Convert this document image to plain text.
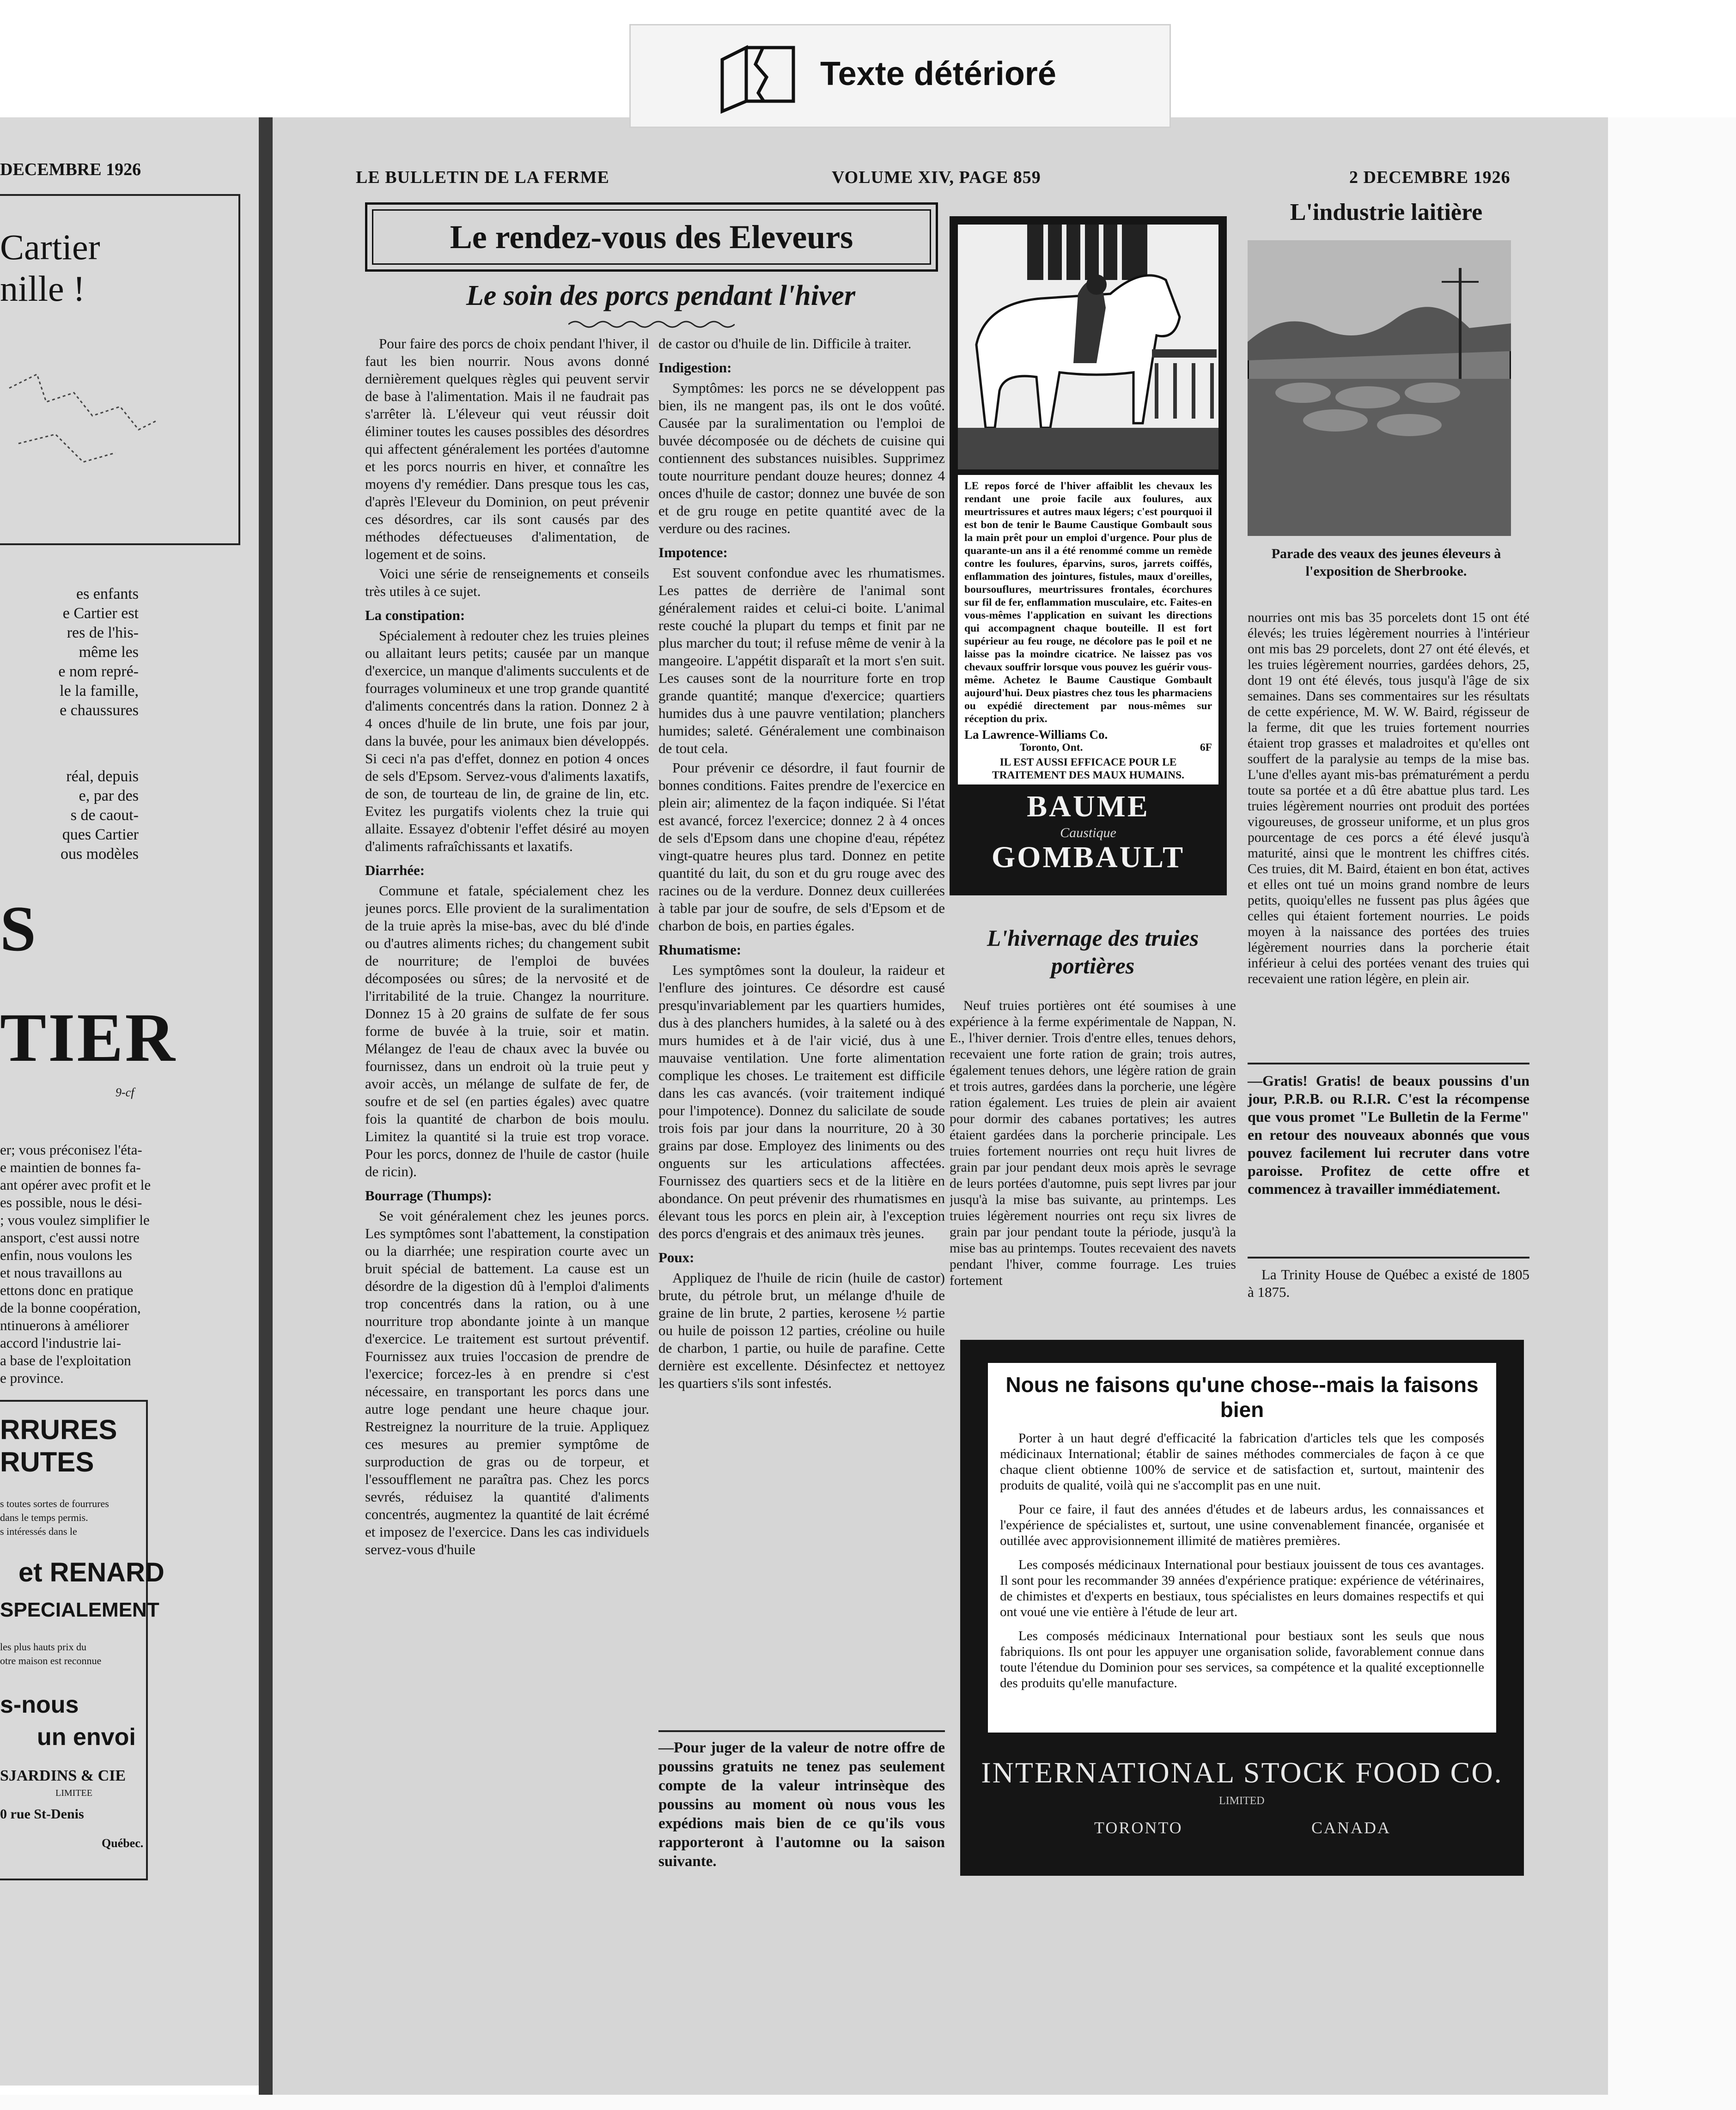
Texte détérioré
DECEMBRE 1926
Cartier
nille !
es enfants
e Cartier est
res de l'his-
même les
e nom repré-
le la famille,
e chaussures
réal, depuis
e, par des
s de caout-
ques Cartier
ous modèles
S
TIER
9-cf
er; vous préconisez l'éta-
e maintien de bonnes fa-
ant opérer avec profit et le
es possible, nous le dési-
; vous voulez simplifier le
ansport, c'est aussi notre
enfin, nous voulons les
et nous travaillons au
ettons donc en pratique
de la bonne coopération,
ntinuerons à améliorer
accord l'industrie lai-
a base de l'exploitation
e province.
RRURES
RUTES
s toutes sortes de fourrures
dans le temps permis.
s intéressés dans le
et RENARD
SPECIALEMENT
les plus hauts prix du
otre maison est reconnue
s-nous
un envoi
SJARDINS & CIE
LIMITEE
0 rue St-Denis
Québec.
LE BULLETIN DE LA FERME	VOLUME XIV, PAGE 859	2 DECEMBRE 1926
Le rendez-vous des Eleveurs
Le soin des porcs pendant l'hiver

Pour faire des porcs de choix pendant l'hiver, il faut les bien nourrir. Nous avons donné dernièrement quelques règles qui peuvent servir de base à l'alimentation. Mais il ne faudrait pas s'arrêter là. L'éleveur qui veut réussir doit éliminer toutes les causes possibles des désordres qui affectent généralement les portées d'automne et les porcs nourris en hiver, et connaître les moyens d'y remédier. Dans presque tous les cas, d'après l'Eleveur du Dominion, on peut prévenir ces désordres, car ils sont causés par des méthodes défectueuses d'alimentation, de logement et de soins.

Voici une série de renseignements et conseils très utiles à ce sujet.

La constipation:

Spécialement à redouter chez les truies pleines ou allaitant leurs petits; causée par un manque d'exercice, un manque d'aliments succulents et de fourrages volumineux et une trop grande quantité d'aliments concentrés dans la ration. Donnez 2 à 4 onces d'huile de lin brute, une fois par jour, dans la buvée, pour les animaux bien développés. Si ceci n'a pas d'effet, donnez en potion 4 onces de sels d'Epsom. Servez-vous d'aliments laxatifs, de son, de tourteau de lin, de graine de lin, etc. Evitez les purgatifs violents chez la truie qui allaite. Essayez d'obtenir l'effet désiré au moyen d'aliments rafraîchissants et laxatifs.

Diarrhée:

Commune et fatale, spécialement chez les jeunes porcs. Elle provient de la suralimentation de la truie après la mise-bas, avec du blé d'inde ou d'autres aliments riches; du changement subit de nourriture; de l'emploi de buvées décomposées ou sûres; de la nervosité et de l'irritabilité de la truie. Changez la nourriture. Donnez 15 à 20 grains de sulfate de fer sous forme de buvée à la truie, soir et matin. Mélangez de l'eau de chaux avec la buvée ou fournissez, dans un endroit où la truie peut y avoir accès, un mélange de sulfate de fer, de soufre et de sel (en parties égales) avec quatre fois la quantité de charbon de bois moulu. Limitez la quantité si la truie est trop vorace. Pour les porcs, donnez de l'huile de castor (huile de ricin).

Bourrage (Thumps):

Se voit généralement chez les jeunes porcs. Les symptômes sont l'abattement, la constipation ou la diarrhée; une respiration courte avec un bruit spécial de battement. La cause est un désordre de la digestion dû à l'emploi d'aliments trop concentrés dans la ration, ou à une nourriture trop abondante jointe à un manque d'exercice. Le traitement est surtout préventif. Fournissez aux truies l'occasion de prendre de l'exercice; forcez-les à en prendre si c'est nécessaire, en transportant les porcs dans une autre loge pendant une heure chaque jour. Restreignez la nourriture de la truie. Appliquez ces mesures au premier symptôme de surproduction de gras ou de torpeur, et l'essoufflement ne paraîtra pas. Chez les porcs sevrés, réduisez la quantité d'aliments concentrés, augmentez la quantité de lait écrémé et imposez de l'exercice. Dans les cas individuels servez-vous d'huile

de castor ou d'huile de lin. Difficile à traiter.

Indigestion:

Symptômes: les porcs ne se développent pas bien, ils ne mangent pas, ils ont le dos voûté. Causée par la suralimentation ou l'emploi de buvée décomposée ou de déchets de cuisine qui contiennent des substances nuisibles. Supprimez toute nourriture pendant douze heures; donnez 4 onces d'huile de castor; donnez une buvée de son et de gru rouge en petite quantité avec de la verdure ou des racines.

Impotence:

Est souvent confondue avec les rhumatismes. Les pattes de derrière de l'animal sont généralement raides et celui-ci boite. L'animal reste couché la plupart du temps et finit par ne plus marcher du tout; il refuse même de venir à la mangeoire. L'appétit disparaît et la mort s'en suit. Les causes sont de la nourriture forte en trop grande quantité; manque d'exercice; quartiers humides dus à une pauvre ventilation; planchers humides; saleté. Généralement une combinaison de tout cela.

Pour prévenir ce désordre, il faut fournir de bonnes conditions. Faites prendre de l'exercice en plein air; alimentez de la façon indiquée. Si l'état est avancé, forcez l'exercice; donnez 2 à 4 onces de sels d'Epsom dans une chopine d'eau, répétez vingt-quatre heures plus tard. Donnez en petite quantité du lait, du son et du gru rouge avec des racines ou de la verdure. Donnez deux cuillerées à table par jour de soufre, de sels d'Epsom et de charbon de bois, en parties égales.

Rhumatisme:

Les symptômes sont la douleur, la raideur et l'enflure des jointures. Ce désordre est causé presqu'invariablement par les quartiers humides, dus à des planchers humides, à la saleté ou à des murs humides et à de l'air vicié, dus à une mauvaise ventilation. Une forte alimentation complique les choses. Le traitement est difficile dans les cas avancés. (voir traitement indiqué pour l'impotence). Donnez du salicilate de soude trois fois par jour dans la nourriture, 20 à 30 grains par dose. Employez des liniments ou des onguents sur les articulations affectées. Fournissez des quartiers secs et de la litière en abondance. On peut prévenir des rhumatismes en élevant tous les porcs en plein air, à l'exception des porcs d'engrais et des animaux très jeunes.

Poux:

Appliquez de l'huile de ricin (huile de castor) brute, du pétrole brut, un mélange d'huile de graine de lin brute, 2 parties, kerosene ½ partie ou huile de poisson 12 parties, créoline ou huile de charbon, 1 partie, ou huile de parafine. Cette dernière est excellente. Désinfectez et nettoyez les quartiers s'ils sont infestés.

—Pour juger de la valeur de notre offre de poussins gratuits ne tenez pas seulement compte de la valeur intrinsèque des poussins au moment où nous vous les expédions mais bien de ce qu'ils vous rapporteront à l'automne ou la saison suivante.
LE repos forcé de l'hiver affaiblit les chevaux les rendant une proie facile aux foulures, aux meurtrissures et autres maux légers; c'est pourquoi il est bon de tenir le Baume Caustique Gombault sous la main prêt pour un emploi d'urgence. Pour plus de quarante-un ans il a été renommé comme un remède contre les foulures, éparvins, suros, jarrets coiffés, enflammation des jointures, fistules, maux d'oreilles, boursouflures, meurtrissures frontales, écorchures sur fil de fer, enflammation musculaire, etc. Faites-en vous-mêmes l'application en suivant les directions qui accompagnent chaque bouteille. Il est fort supérieur au feu rouge, ne décolore pas le poil et ne laisse pas la moindre cicatrice. Ne laissez pas vos chevaux souffrir lorsque vous pouvez les guérir vous-même. Achetez le Baume Caustique Gombault aujourd'hui. Deux piastres chez tous les pharmaciens ou expédié directement par nous-mêmes sur réception du prix.
La Lawrence-Williams Co.
Toronto, Ont.	6F
IL EST AUSSI EFFICACE POUR LE TRAITEMENT DES MAUX HUMAINS.
BAUME
Caustique
GOMBAULT
L'hivernage des truies portières

Neuf truies portières ont été soumises à une expérience à la ferme expérimentale de Nappan, N. E., l'hiver dernier. Trois d'entre elles, tenues dehors, recevaient une forte ration de grain; trois autres, également tenues dehors, une légère ration de grain et trois autres, gardées dans la porcherie, une légère ration également. Les truies de plein air avaient pour dormir des cabanes portatives; les autres étaient gardées dans la porcherie principale. Les truies fortement nourries ont reçu huit livres de grain par jour pendant deux mois après le sevrage de leurs portées d'automne, puis sept livres par jour jusqu'à la mise bas suivante, au printemps. Les truies légèrement nourries ont reçu six livres de grain par jour pendant toute la période, jusqu'à la mise bas au printemps. Toutes recevaient des navets pendant l'hiver, comme fourrage. Les truies fortement

L'industrie laitière
Parade des veaux des jeunes éleveurs à l'exposition de Sherbrooke.

nourries ont mis bas 35 porcelets dont 15 ont été élevés; les truies légèrement nourries à l'intérieur ont mis bas 29 porcelets, dont 27 ont été élevés, et les truies légèrement nourries, gardées dehors, 25, dont 19 ont été élevés, tous jusqu'à l'âge de six semaines. Dans ses commentaires sur les résultats de cette expérience, M. W. W. Baird, régisseur de la ferme, dit que les truies fortement nourries étaient trop grasses et maladroites et qu'elles ont souffert de la paralysie au temps de la mise bas. L'une d'elles ayant mis-bas prématurément a perdu toute sa portée et a dû être abattue plus tard. Les truies légèrement nourries ont produit des portées vigoureuses, de grosseur uniforme, et un plus gros pourcentage de ces porcs a été élevé jusqu'à maturité, ainsi que le montrent les chiffres cités. Ces truies, dit M. Baird, étaient en bon état, actives et elles ont tué un moins grand nombre de leurs petits, quoiqu'elles ne fussent pas plus âgées que celles qui étaient fortement nourries. Le poids moyen à la naissance des portées des truies légèrement nourries dans la porcherie était inférieur à celui des portées venant des truies qui recevaient une ration légère, en plein air.

—Gratis! Gratis! de beaux poussins d'un jour, P.R.B. ou R.I.R. C'est la récompense que vous promet "Le Bulletin de la Ferme" en retour des nouveaux abonnés que vous pouvez facilement lui recruter dans votre paroisse. Profitez de cette offre et commencez à travailler immédiatement.
La Trinity House de Québec a existé de 1805 à 1875.
Nous ne faisons qu'une chose--mais la faisons bien

Porter à un haut degré d'efficacité la fabrication d'articles tels que les composés médicinaux International; établir de saines méthodes commerciales de façon à ce que chaque client obtienne 100% de service et de satisfaction et, surtout, maintenir des produits de qualité, voilà qui ne s'accomplit pas en une nuit.

Pour ce faire, il faut des années d'études et de labeurs ardus, les connaissances et l'expérience de spécialistes et, surtout, une usine convenablement financée, organisée et outillée avec approvisionnement illimité de matières premières.

Les composés médicinaux International pour bestiaux jouissent de tous ces avantages. Il sont pour les recommander 39 années d'expérience pratique: expérience de vétérinaires, de chimistes et d'experts en bestiaux, tous spécialistes en leurs domaines respectifs et qui ont voué une vie entière à l'étude de leur art.

Les composés médicinaux International pour bestiaux sont les seuls que nous fabriquions. Ils ont pour les appuyer une organisation solide, favorablement connue dans toute l'étendue du Dominion pour ses services, sa compétence et la qualité exceptionnelle des produits qu'elle manufacture.

INTERNATIONAL STOCK FOOD CO.
LIMITED
TORONTO	CANADA
